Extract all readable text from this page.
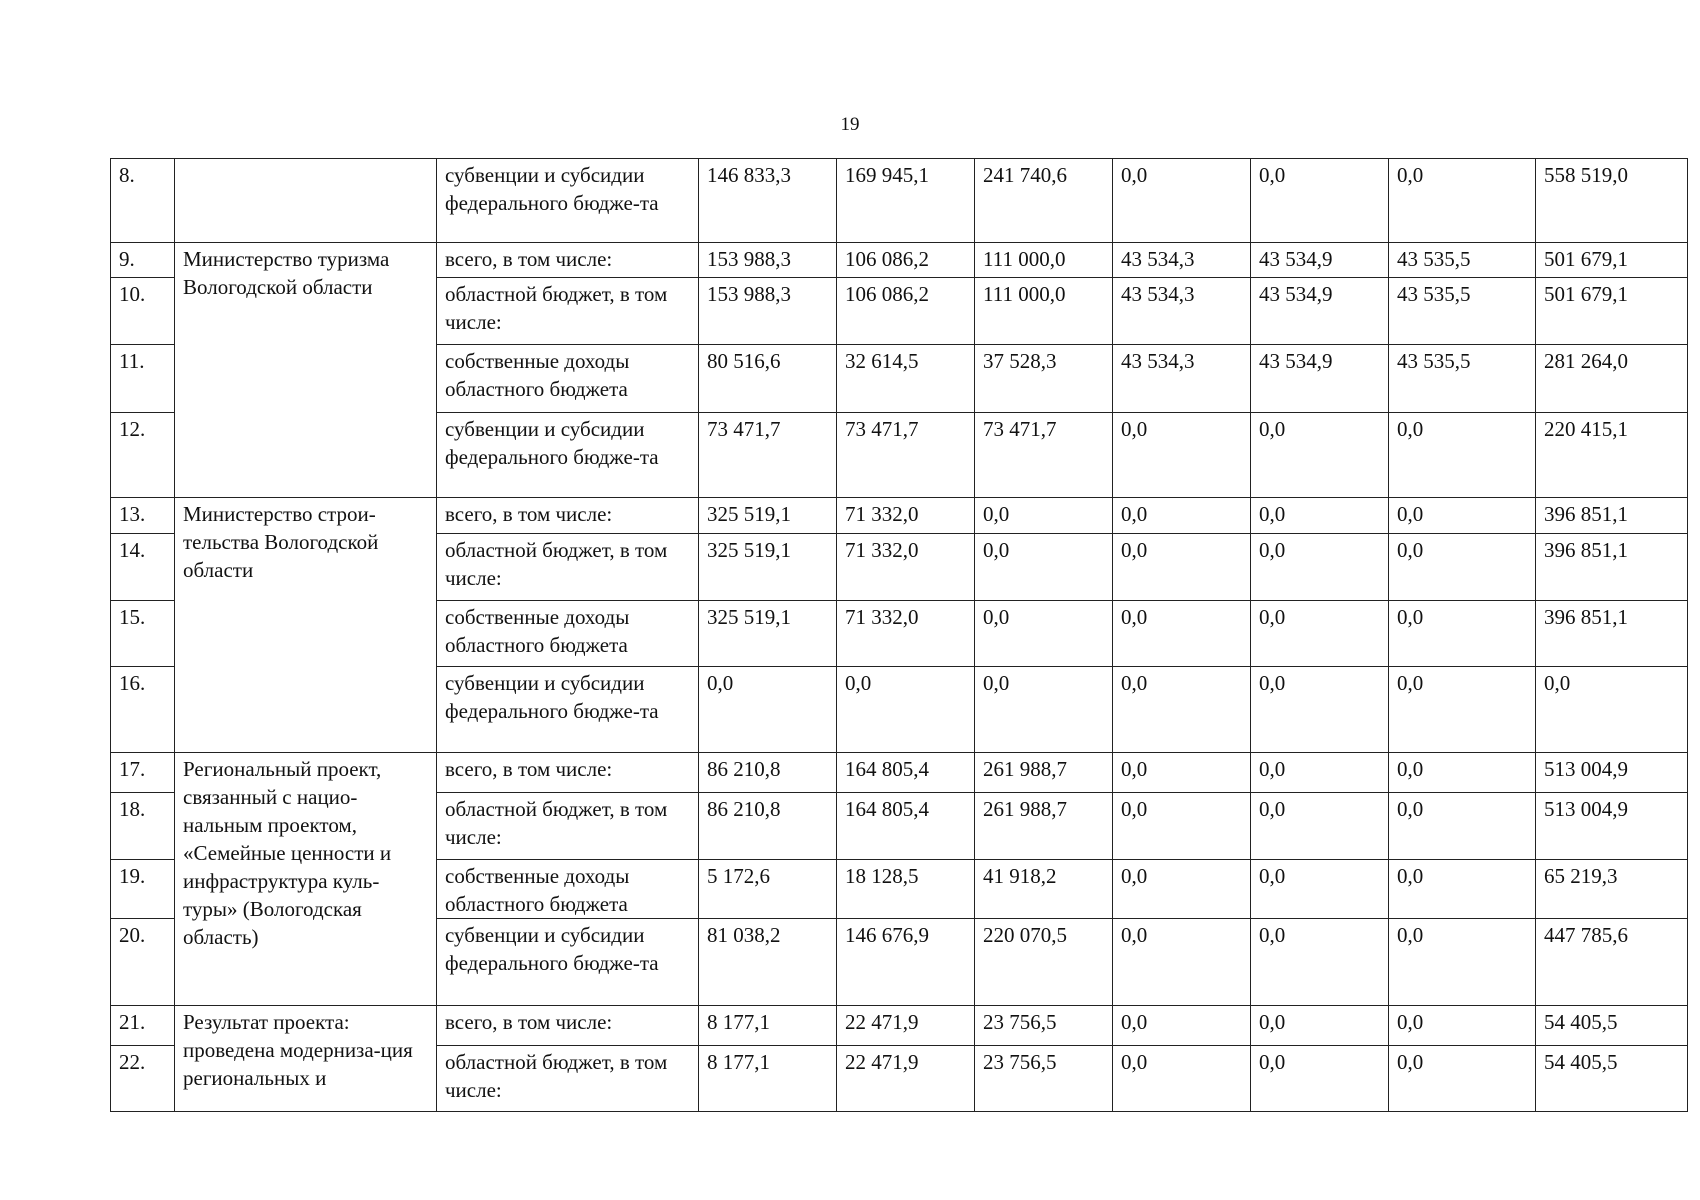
19
8.		субвенции и субсидии федерального бюдже-та	146 833,3	169 945,1	241 740,6	0,0	0,0	0,0	558 519,0
9.	Министерство туризма Вологодской области	всего, в том числе:	153 988,3	106 086,2	111 000,0	43 534,3	43 534,9	43 535,5	501 679,1
10.		областной бюджет, в том числе:	153 988,3	106 086,2	111 000,0	43 534,3	43 534,9	43 535,5	501 679,1
11.		собственные доходы областного бюджета	80 516,6	32 614,5	37 528,3	43 534,3	43 534,9	43 535,5	281 264,0
12.		субвенции и субсидии федерального бюдже-та	73 471,7	73 471,7	73 471,7	0,0	0,0	0,0	220 415,1
13.	Министерство строи-тельства Вологодской области	всего, в том числе:	325 519,1	71 332,0	0,0	0,0	0,0	0,0	396 851,1
14.		областной бюджет, в том числе:	325 519,1	71 332,0	0,0	0,0	0,0	0,0	396 851,1
15.		собственные доходы областного бюджета	325 519,1	71 332,0	0,0	0,0	0,0	0,0	396 851,1
16.		субвенции и субсидии федерального бюдже-та	0,0	0,0	0,0	0,0	0,0	0,0	0,0
17.	Региональный проект, связанный с нацио-нальным проектом, «Семейные ценности и инфраструктура куль-туры» (Вологодская область)	всего, в том числе:	86 210,8	164 805,4	261 988,7	0,0	0,0	0,0	513 004,9
18.		областной бюджет, в том числе:	86 210,8	164 805,4	261 988,7	0,0	0,0	0,0	513 004,9
19.		собственные доходы областного бюджета	5 172,6	18 128,5	41 918,2	0,0	0,0	0,0	65 219,3
20.		субвенции и субсидии федерального бюдже-та	81 038,2	146 676,9	220 070,5	0,0	0,0	0,0	447 785,6
21.	Результат проекта: проведена модерниза-ция региональных и	всего, в том числе:	8 177,1	22 471,9	23 756,5	0,0	0,0	0,0	54 405,5
22.		областной бюджет, в том числе:	8 177,1	22 471,9	23 756,5	0,0	0,0	0,0	54 405,5
